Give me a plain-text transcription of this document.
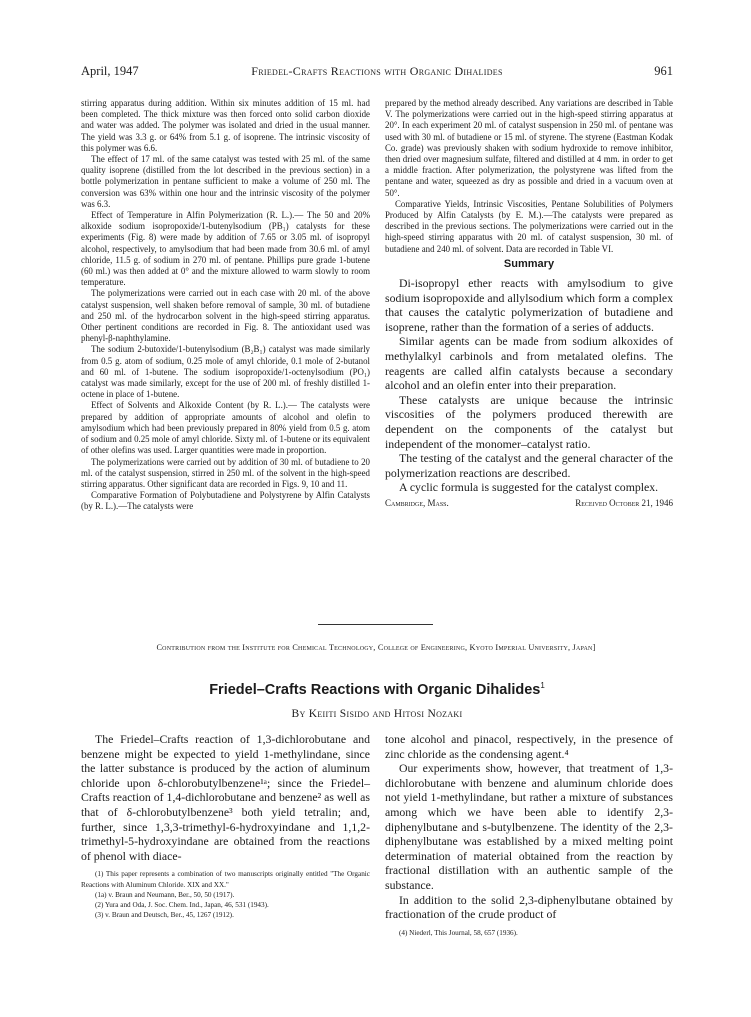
April, 1947	Friedel-Crafts Reactions with Organic Dihalides	961

stirring apparatus during addition. Within six minutes addition of 15 ml. had been completed. The thick mixture was then forced onto solid carbon dioxide and water was added. The polymer was isolated and dried in the usual manner. The yield was 3.3 g. or 64% from 5.1 g. of isoprene. The intrinsic viscosity of this polymer was 6.6.

The effect of 17 ml. of the same catalyst was tested with 25 ml. of the same quality isoprene (distilled from the lot described in the previous section) in a bottle polymerization in pentane sufficient to make a volume of 250 ml. The conversion was 63% within one hour and the intrinsic viscosity of the polymer was 6.3.

Effect of Temperature in Alfin Polymerization (R. L.).— The 50 and 20% alkoxide sodium isopropoxide/1-butenylsodium (PB₁) catalysts for these experiments (Fig. 8) were made by addition of 7.65 or 3.05 ml. of isopropyl alcohol, respectively, to amylsodium that had been made from 30.6 ml. of amyl chloride, 11.5 g. of sodium in 270 ml. of pentane. Phillips pure grade 1-butene (60 ml.) was then added at 0° and the mixture allowed to warm slowly to room temperature.

The polymerizations were carried out in each case with 20 ml. of the above catalyst suspension, well shaken before removal of sample, 30 ml. of butadiene and 250 ml. of the hydrocarbon solvent in the high-speed stirring apparatus. Other pertinent conditions are recorded in Fig. 8. The antioxidant used was phenyl-β-naphthylamine.

The sodium 2-butoxide/1-butenylsodium (B₂B₁) catalyst was made similarly from 0.5 g. atom of sodium, 0.25 mole of amyl chloride, 0.1 mole of 2-butanol and 60 ml. of 1-butene. The sodium isopropoxide/1-octenylsodium (PO₁) catalyst was made similarly, except for the use of 200 ml. of freshly distilled 1-octene in place of 1-butene.

Effect of Solvents and Alkoxide Content (by R. L.).— The catalysts were prepared by addition of appropriate amounts of alcohol and olefin to amylsodium which had been previously prepared in 80% yield from 0.5 g. atom of sodium and 0.25 mole of amyl chloride. Sixty ml. of 1-butene or its equivalent of other olefins was used. Larger quantities were made in proportion.

The polymerizations were carried out by addition of 30 ml. of butadiene to 20 ml. of the catalyst suspension, stirred in 250 ml. of the solvent in the high-speed stirring apparatus. Other significant data are recorded in Figs. 9, 10 and 11.

Comparative Formation of Polybutadiene and Polystyrene by Alfin Catalysts (by R. L.).—The catalysts were

prepared by the method already described. Any variations are described in Table V. The polymerizations were carried out in the high-speed stirring apparatus at 20°. In each experiment 20 ml. of catalyst suspension in 250 ml. of pentane was used with 30 ml. of butadiene or 15 ml. of styrene. The styrene (Eastman Kodak Co. grade) was previously shaken with sodium hydroxide to remove inhibitor, then dried over magnesium sulfate, filtered and distilled at 4 mm. in order to get a middle fraction. After polymerization, the polystyrene was lifted from the pentane and water, squeezed as dry as possible and dried in a vacuum oven at 50°.

Comparative Yields, Intrinsic Viscosities, Pentane Solubilities of Polymers Produced by Alfin Catalysts (by E. M.).—The catalysts were prepared as described in the previous sections. The polymerizations were carried out in the high-speed stirring apparatus with 20 ml. of catalyst suspension, 30 ml. of butadiene and 240 ml. of solvent. Data are recorded in Table VI.

Summary

Di-isopropyl ether reacts with amylsodium to give sodium isopropoxide and allylsodium which form a complex that causes the catalytic polymerization of butadiene and isoprene, rather than the formation of a series of adducts.

Similar agents can be made from sodium alkoxides of methylalkyl carbinols and from metalated olefins. The reagents are called alfin catalysts because a secondary alcohol and an olefin enter into their preparation.

These catalysts are unique because the intrinsic viscosities of the polymers produced therewith are dependent on the components of the catalyst but independent of the monomer–catalyst ratio.

The testing of the catalyst and the general character of the polymerization reactions are described.

A cyclic formula is suggested for the catalyst complex.

Cambridge, Mass.	Received October 21, 1946

Contribution from the Institute for Chemical Technology, College of Engineering, Kyoto Imperial University, Japan]
Friedel–Crafts Reactions with Organic Dihalides$^1$
By Keiiti Sisido and Hitosi Nozaki

The Friedel–Crafts reaction of 1,3-dichlorobutane and benzene might be expected to yield 1-methylindane, since the latter substance is produced by the action of aluminum chloride upon δ-chlorobutylbenzene¹ᵃ; since the Friedel–Crafts reaction of 1,4-dichlorobutane and benzene² as well as that of δ-chlorobutylbenzene³ both yield tetralin; and, further, since 1,3,3-trimethyl-6-hydroxyindane and 1,1,2-trimethyl-5-hydroxyindane are obtained from the reactions of phenol with diace-

(1) This paper represents a combination of two manuscripts originally entitled "The Organic Reactions with Aluminum Chloride. XIX and XX."

(1a) v. Braun and Neumann, Ber., 50, 50 (1917).

(2) Yura and Oda, J. Soc. Chem. Ind., Japan, 46, 531 (1943).

(3) v. Braun and Deutsch, Ber., 45, 1267 (1912).

tone alcohol and pinacol, respectively, in the presence of zinc chloride as the condensing agent.⁴

Our experiments show, however, that treatment of 1,3-dichlorobutane with benzene and aluminum chloride does not yield 1-methylindane, but rather a mixture of substances among which we have been able to identify 2,3-diphenylbutane and s-butylbenzene. The identity of the 2,3-diphenylbutane was established by a mixed melting point determination of material obtained from the reaction by fractional distillation with an authentic sample of the substance.

In addition to the solid 2,3-diphenylbutane obtained by fractionation of the crude product of

(4) Niederl, This Journal, 58, 657 (1936).
